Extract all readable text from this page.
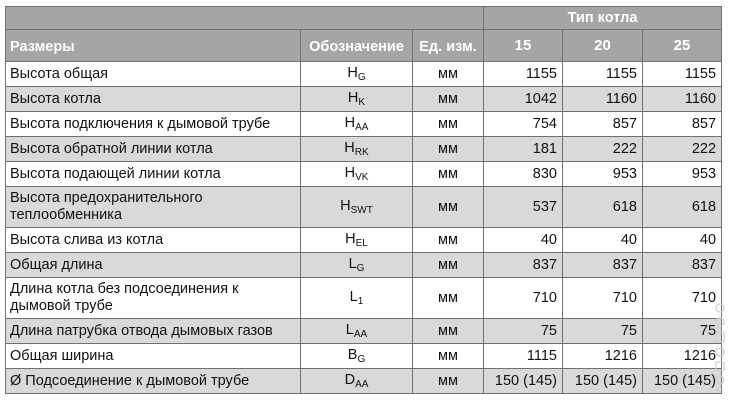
			Тип котла		
Размеры	Обозначение	Ед. изм.	15	20	25
Высота общая	$H_G$	мм	1155	1155	1155
Высота котла	$H_K$	мм	1042	1160	1160
Высота подключения к дымовой трубе	$H_{AA}$	мм	754	857	857
Высота обратной линии котла	$H_{RK}$	мм	181	222	222
Высота подающей линии котла	$H_{VK}$	мм	830	953	953
Высота предохранительного теплообменника	$H_{SWT}$	мм	537	618	618
Высота слива из котла	$H_{EL}$	мм	40	40	40
Общая длина	$L_G$	мм	837	837	837
Длина котла без подсоединения к дымовой трубе	$L_1$	мм	710	710	710
Длина патрубка отвода дымовых газов	$L_{AA}$	мм	75	75	75
Общая ширина	$B_G$	мм	1115	1216	1216
Ø Подсоединение к дымовой трубе	$D_{AA}$	мм	150 (145)	150 (145)	150 (145)
